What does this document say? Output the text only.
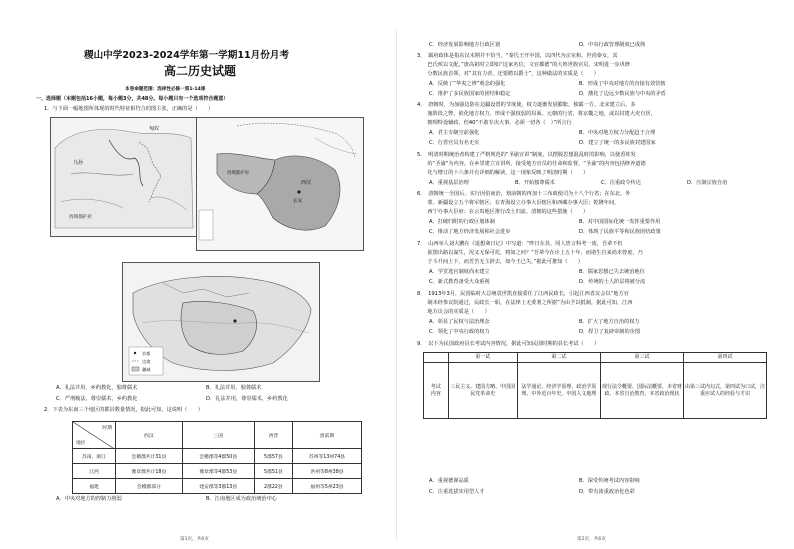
稷山中学2023-2024学年第一学期11月份月考
高二历史试题
本卷命题范围：选择性必修一第1-14课
一、选择题（本题包括16小题，每小题3分，共48分。每小题只有一个选项符合题意）
1．与下面一幅地图所体现的时代特征相符合的图主张，正确的是（　　）
匈奴
乌孙
西域都护府
西域都护府
西汉
长安
首都
边境
疆域
A．礼法并用、乡约教化，独尊儒术	B．礼法并用、独尊儒术
C．严刑峻法，尊崇儒术，乡约教化	D．礼法并用，尊崇儒术，乡约教化
2．下表为东南三个地区的郡县数量情况，据此可知，这说明（　　）
时期
地区	西汉	三国	西晋	唐前期
苏南、浙江	会稽郡共计31县	会稽郡等4郡50县	5郡57县	苏州等13州74县
江西	豫章郡共计18县	豫章郡等4郡53县	5郡51县	洪州等8州38县
福建	会稽郡部分	建安郡等3郡13县	2郡22县	福州等5州23县
A．中央对地方的控制力削弱	B．江南地区成为政治统治中心
第1页，共6页
C．经济发展影响地方行政区划	D．中央行政管理制度已成熟
3．　霸府政体是指东汉末期并不恰当，“秦氏王开中国，以四代为宗室和，世尚秦女，其
　　巴氏殡以文配，”唐高祖时立即如“这家名位，文官都德”的大姓世族官员，宋明进一步巩修
　　分数民族首领，对“其有力者，还要聘以爵士”，这种做法的实质是（　　）
A．反映了“华夷之辨”观念的强化	B．形成了中央对地方的直接有效管辖
C．推护了多民族国家的团结和稳定	D．激化了边远少数民族与中央的矛盾
4．　唐朝时，为加强边防在边疆设置的节度使，权力逐渐发展膨胀，独霸一方。北宋建立后，多
　　施阶段之弊，依化地方权力，形成干强枝弱的局面。元朝的行省，将京畿之地，或以封建大吏自居，
　　朝理特设辅政，但40“不敢专决大事，必须一切各（　）”所言行
A．君主专制空前强化	B．中央对地方权力分配趋于合理
C．行省官员有名无实	D．建立了统一的多民族封建国家
5．　明清时期统治者构建了严格规范的“圣谕宣讲”制度，以摆脱思想混乱时的影响，以使香娃发
　　的“圣谕”为内容，在乡里建立宣讲所，接受地方官员的任命和监督，“圣谕”的内容包括修养道德
　　化与增订的十六条并有详细的解读。这一现象反映了明清时期（　　）
A．重视基层治理	B．开始独尊儒术	C．注重政令传达	D．压制宗族自治
6．　清朝统一全国后，实行因俗而治，划前朝的再加十三布政使司为十八个行省；在东北，外
　　蒙、新疆设立五个将军辖区；在青海设立办事大臣辖区和西藏办事大臣；乾隆年间，
　　西宁办事大臣府；在云贵地区推行改土归流。清朝的这些措施（　　）
A．打破归附的行政区划体制	B．对中国国际化统一发挥重要作用
C．推动了地方经济发展和社会进步	D．体现了民族平等和民族团结政策
7．　山西举人刘大鹏在《退想斋日记》中写道：“昨日在县，同人皆言科考一废，吾辈不但
　　欲图出路以谋生，况又无保可托，将如之何？”吾辈今在诠上五十年，而诸生自来尚未曾废，乃
　　于斗升间上下，而苦苦无主辞去，如今王已失，”据此可推知（　　）
A．学堂选官制度尚未建立	B．儒家思想已失去统治地位
C．新式教育备受大众重视	D．传统的士人阶层将被分流
8．　1913年3月，民国临时大总统袁世凯直接委任了江西民政长，引起江西省议会以“地方官
　　制未经参议院通过，民政长一职，在法律上无委署之所据”为由予以抵制。据此可知，江西
　　地方议会的实质是（　　）
A．彰显了民权与法治理念	B．扩大了地方自治的权力
C．领化了中央行政的权力	D．捍卫了复辟帝制的企图
9．　以下为民国政府县长考试内容情况，据此可知民国时期的县长考试（　　）
	第一试	第二试	第三试	第四试
考试
内容	三民主义、建国方略、中国国民党革命史	法学通论、经济学原理、政治学原理、中外近百年史、中国人文地理	现行法令概要、国际法概要、本省财政、本省自治教育、本省政治现状	由第三试内勾式，第四试为口试，注重应试人的经验与才识
A．重视德谨品质	B．深受传统考试内容影响
C．注重选拔实用型人才	D．带有浓重政治化色彩
第2页，共6页
